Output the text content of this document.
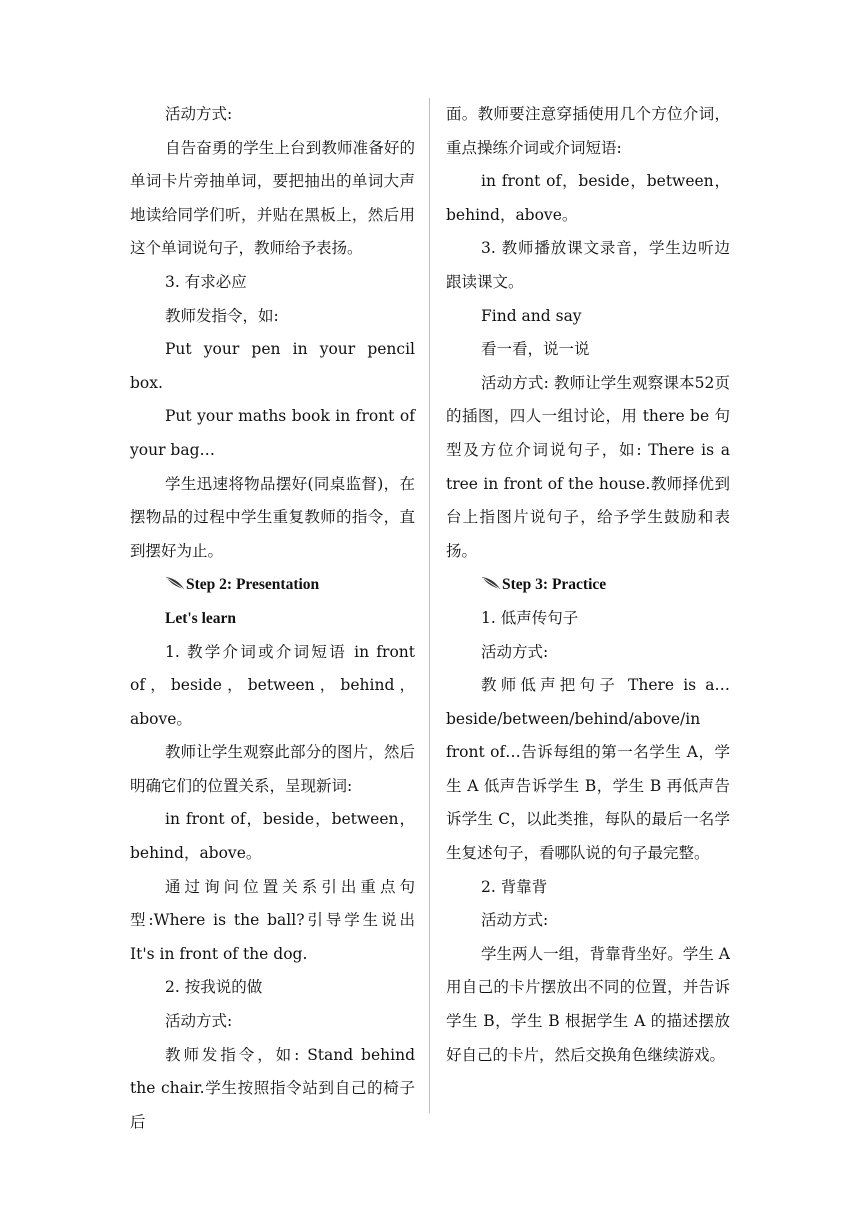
活动方式:

自告奋勇的学生上台到教师准备好的单词卡片旁抽单词，要把抽出的单词大声地读给同学们听，并贴在黑板上，然后用这个单词说句子，教师给予表扬。

3. 有求必应

教师发指令，如:

Put your pen in your pencil box.

Put your maths book in front of your bag…

学生迅速将物品摆好(同桌监督)，在摆物品的过程中学生重复教师的指令，直到摆好为止。

Step 2: Presentation

Let's learn

1. 教学介词或介词短语 in front of，beside，between，behind，above。

教师让学生观察此部分的图片，然后明确它们的位置关系，呈现新词:

in front of，beside，between，behind，above。

通过询问位置关系引出重点句型:Where is the ball?引导学生说出 It's in front of the dog.

2. 按我说的做

活动方式:

教师发指令，如: Stand behind the chair.学生按照指令站到自己的椅子后

面。教师要注意穿插使用几个方位介词，重点操练介词或介词短语:

in front of，beside，between，behind，above。

3. 教师播放课文录音，学生边听边跟读课文。

Find and say

看一看，说一说

活动方式: 教师让学生观察课本52页的插图，四人一组讨论，用 there be 句型及方位介词说句子，如: There is a tree in front of the house.教师择优到台上指图片说句子，给予学生鼓励和表扬。

Step 3: Practice

1. 低声传句子

活动方式:

教师低声把句子 There is a…beside/between/behind/above/in front of…告诉每组的第一名学生 A，学生 A 低声告诉学生 B，学生 B 再低声告诉学生 C，以此类推，每队的最后一名学生复述句子，看哪队说的句子最完整。

2. 背靠背

活动方式:

学生两人一组，背靠背坐好。学生 A 用自己的卡片摆放出不同的位置，并告诉学生 B，学生 B 根据学生 A 的描述摆放好自己的卡片，然后交换角色继续游戏。
